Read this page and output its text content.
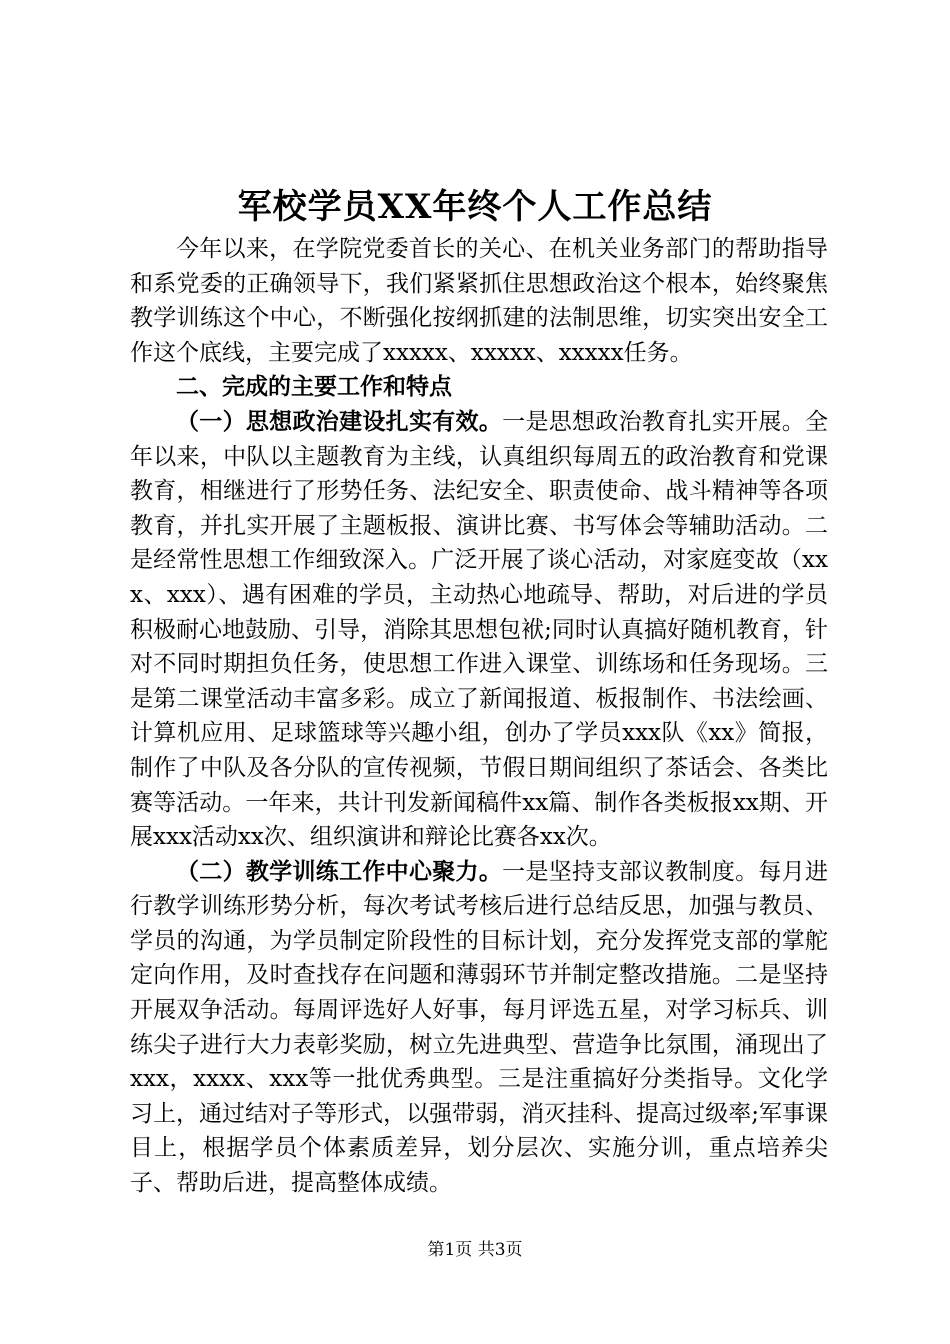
军校学员XX年终个人工作总结

今年以来，在学院党委首长的关心、在机关业务部门的帮助指导和系党委的正确领导下，我们紧紧抓住思想政治这个根本，始终聚焦教学训练这个中心，不断强化按纲抓建的法制思维，切实突出安全工作这个底线，主要完成了xxxxx、xxxxx、xxxxx任务。

二、完成的主要工作和特点

（一）思想政治建设扎实有效。一是思想政治教育扎实开展。全年以来，中队以主题教育为主线，认真组织每周五的政治教育和党课教育，相继进行了形势任务、法纪安全、职责使命、战斗精神等各项教育，并扎实开展了主题板报、演讲比赛、书写体会等辅助活动。二是经常性思想工作细致深入。广泛开展了谈心活动，对家庭变故（xxx、xxx）、遇有困难的学员，主动热心地疏导、帮助，对后进的学员积极耐心地鼓励、引导，消除其思想包袱;同时认真搞好随机教育，针对不同时期担负任务，使思想工作进入课堂、训练场和任务现场。三是第二课堂活动丰富多彩。成立了新闻报道、板报制作、书法绘画、计算机应用、足球篮球等兴趣小组，创办了学员xxx队《xx》简报，制作了中队及各分队的宣传视频，节假日期间组织了茶话会、各类比赛等活动。一年来，共计刊发新闻稿件xx篇、制作各类板报xx期、开展xxx活动xx次、组织演讲和辩论比赛各xx次。

（二）教学训练工作中心聚力。一是坚持支部议教制度。每月进行教学训练形势分析，每次考试考核后进行总结反思，加强与教员、学员的沟通，为学员制定阶段性的目标计划，充分发挥党支部的掌舵定向作用，及时查找存在问题和薄弱环节并制定整改措施。二是坚持开展双争活动。每周评选好人好事，每月评选五星，对学习标兵、训练尖子进行大力表彰奖励，树立先进典型、营造争比氛围，涌现出了xxx，xxxx、xxx等一批优秀典型。三是注重搞好分类指导。文化学习上，通过结对子等形式，以强带弱，消灭挂科、提高过级率;军事课目上，根据学员个体素质差异，划分层次、实施分训，重点培养尖子、帮助后进，提高整体成绩。

第1页 共3页
